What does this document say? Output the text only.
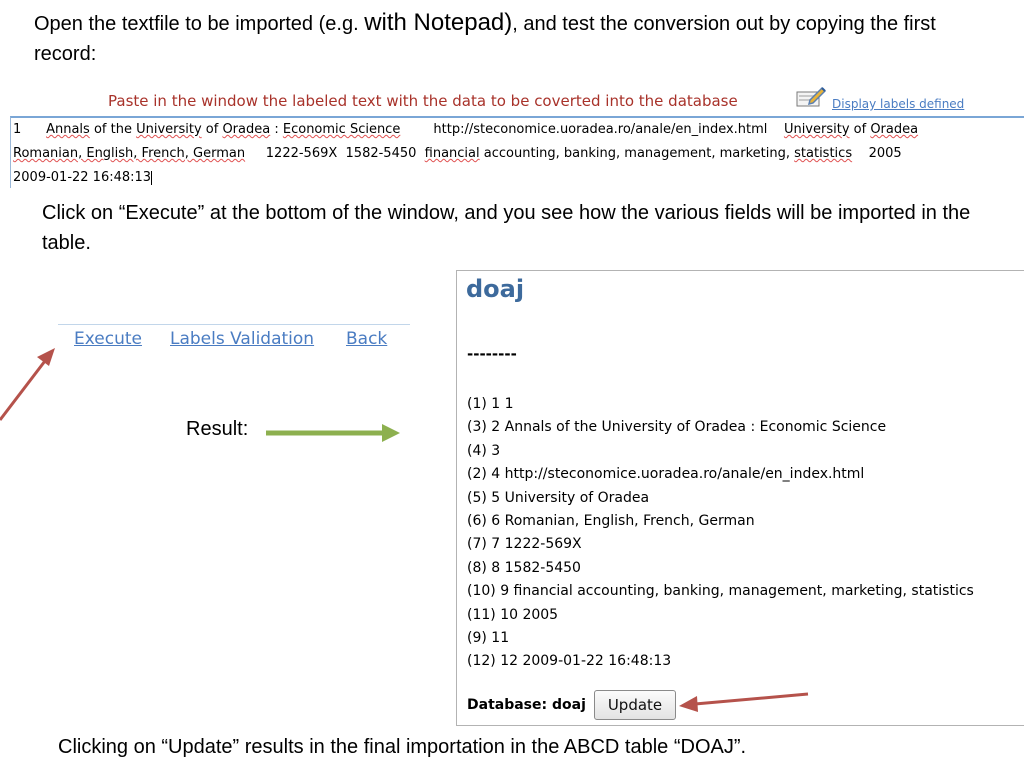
Open the textfile to be imported (e.g. with Notepad), and test the conversion out by copying the first record:
Paste in the window the labeled text with the data to be coverted into the database	Display labels defined
1 Annals of the University of Oradea : Economic Science        http://steconomice.uoradea.ro/anale/en_index.html    University of Oradea
Romanian, English, French, German     1222-569X  1582-5450  financial accounting, banking, management, marketing, statistics    2005
2009-01-22 16:48:13
Click on “Execute” at the bottom of the window, and you see how the various fields will be imported in the table.
Execute Labels Validation Back
Result:
doaj
--------
(1) 1 1
(3) 2 Annals of the University of Oradea : Economic Science
(4) 3
(2) 4 http://steconomice.uoradea.ro/anale/en_index.html
(5) 5 University of Oradea
(6) 6 Romanian, English, French, German
(7) 7 1222-569X
(8) 8 1582-5450
(10) 9 financial accounting, banking, management, marketing, statistics
(11) 10 2005
(9) 11
(12) 12 2009-01-22 16:48:13
Database: doaj	Update
Clicking on “Update” results in the final importation in the ABCD table “DOAJ”.
